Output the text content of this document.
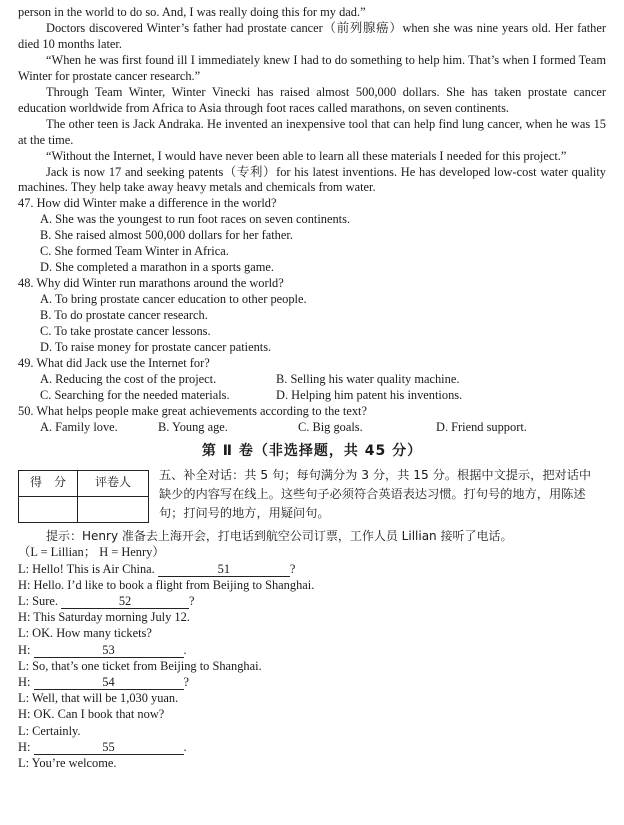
person in the world to do so. And, I was really doing this for my dad.”
Doctors discovered Winter’s father had prostate cancer（前列腺癌）when she was nine years old. Her father died 10 months later.
“When he was first found ill I immediately knew I had to do something to help him. That’s when I formed Team Winter for prostate cancer research.”
Through Team Winter, Winter Vinecki has raised almost 500,000 dollars. She has taken prostate cancer education worldwide from Africa to Asia through foot races called marathons, on seven continents.
The other teen is Jack Andraka. He invented an inexpensive tool that can help find lung cancer, when he was 15 at the time.
“Without the Internet, I would have never been able to learn all these materials I needed for this project.”
Jack is now 17 and seeking patents（专利）for his latest inventions. He has developed low-cost water quality machines. They help take away heavy metals and chemicals from water.
47. How did Winter make a difference in the world?
A. She was the youngest to run foot races on seven continents.
B. She raised almost 500,000 dollars for her father.
C. She formed Team Winter in Africa.
D. She completed a marathon in a sports game.
48. Why did Winter run marathons around the world?
A. To bring prostate cancer education to other people.
B. To do prostate cancer research.
C. To take prostate cancer lessons.
D. To raise money for prostate cancer patients.
49. What did Jack use the Internet for?
A. Reducing the cost of the project.	B. Selling his water quality machine.
C. Searching for the needed materials.	D. Helping him patent his inventions.
50. What helps people make great achievements according to the text?
A. Family love.	B. Young age.	C. Big goals.	D. Friend support.
第 Ⅱ 卷（非选择题，共 45 分）
得　分	评卷人

五、补全对话：共 5 句；每句满分为 3 分，共 15 分。根据中文提示，把对话中缺少的内容写在线上。这些句子必须符合英语表达习惯。打句号的地方，用陈述句；打问号的地方，用疑问句。
提示：Henry 准备去上海开会，打电话到航空公司订票，工作人员 Lillian 接听了电话。
（L = Lillian； H = Henry）
L: Hello! This is Air China.	51	?
H: Hello. I’d like to book a flight from Beijing to Shanghai.
L: Sure.	52	?
H: This Saturday morning July 12.
L: OK. How many tickets?
H:	53	.
L: So, that’s one ticket from Beijing to Shanghai.
H:	54	?
L: Well, that will be 1,030 yuan.
H: OK. Can I book that now?
L: Certainly.
H:	55	.
L: You’re welcome.
